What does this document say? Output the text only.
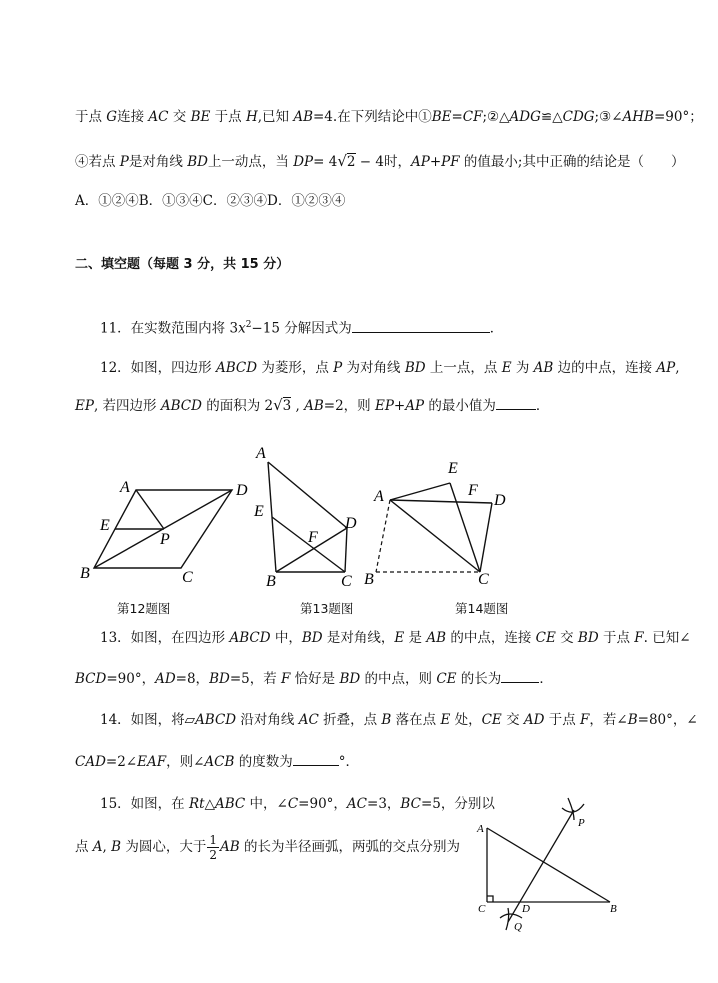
于点 G连接 AC 交 BE 于点 H,已知 AB=4.在下列结论中①BE=CF;②△ADG≌△CDG;③∠AHB=90°；
④若点 P是对角线 BD上一动点，当 DP= 4√2 − 4时，AP+PF 的值最小;其中正确的结论是（　　）
A．①②④B．①③④C．②③④D．①②③④
二、填空题（每题 3 分，共 15 分）
11．在实数范围内将 $3x^2-15$ 分解因式为	．
12．如图，四边形 ABCD 为菱形，点 P 为对角线 BD 上一点，点 E 为 AB 边的中点，连接 AP,
EP, 若四边形 ABCD 的面积为 2√3 , AB=2，则 EP+AP 的最小值为	．
A	D
E
P
B	C
第12题图
A
E
F
D
B	C
第13题图
A
E
F
D
B	C
第14题图
13．如图，在四边形 ABCD 中，BD 是对角线，E 是 AB 的中点，连接 CE 交 BD 于点 F. 已知∠
BCD=90°，AD=8，BD=5，若 F 恰好是 BD 的中点，则 CE 的长为	．
14．如图，将▱ABCD 沿对角线 AC 折叠，点 B 落在点 E 处，CE 交 AD 于点 F，若∠B=80°，∠
CAD=2∠EAF，则∠ACB 的度数为	°．
15．如图，在 Rt△ABC 中，∠C=90°，AC=3，BC=5，分别以
点 A, B 为圆心，大于 $\frac{1}{2}$ AB 的长为半径画弧，两弧的交点分别为
A	P
C	D	B
Q
